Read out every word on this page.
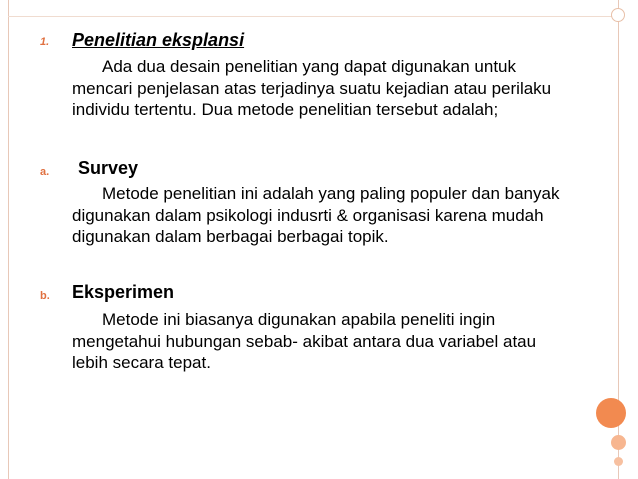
1. Penelitian eksplansi

Ada dua desain penelitian yang dapat digunakan untuk mencari penjelasan atas terjadinya suatu kejadian atau perilaku individu tertentu. Dua metode penelitian tersebut adalah;

a. Survey

Metode penelitian ini adalah yang paling populer dan banyak digunakan dalam psikologi indusrti & organisasi karena mudah digunakan dalam berbagai berbagai topik.

b. Eksperimen

Metode ini biasanya digunakan apabila peneliti ingin mengetahui hubungan sebab- akibat antara dua variabel atau lebih secara tepat.
